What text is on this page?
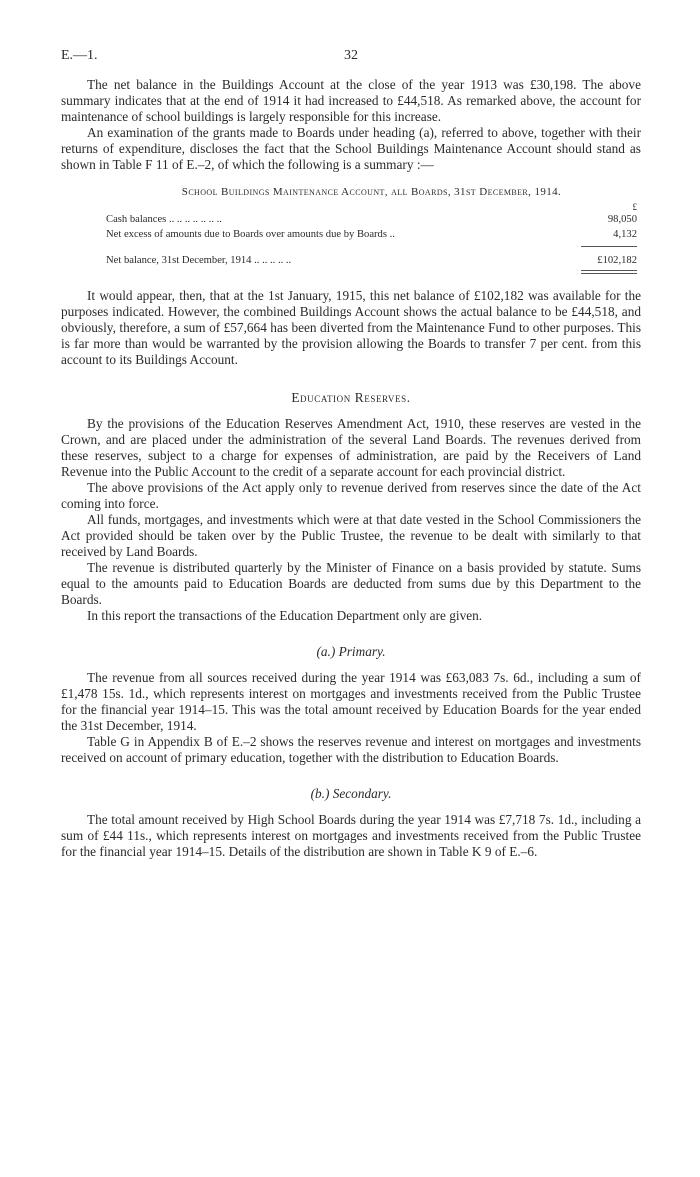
E.—1.	32

The net balance in the Buildings Account at the close of the year 1913 was £30,198. The above summary indicates that at the end of 1914 it had increased to £44,518. As remarked above, the account for maintenance of school buildings is largely responsible for this increase.

An examination of the grants made to Boards under heading (a), referred to above, together with their returns of expenditure, discloses the fact that the School Buildings Maintenance Account should stand as shown in Table F 11 of E.–2, of which the following is a summary :—

School Buildings Maintenance Account, all Boards, 31st December, 1914.
£
Cash balances .. .. .. .. .. .. ..	98,050
Net excess of amounts due to Boards over amounts due by Boards ..	4,132
Net balance, 31st December, 1914 .. .. .. .. ..	£102,182

It would appear, then, that at the 1st January, 1915, this net balance of £102,182 was available for the purposes indicated. However, the combined Buildings Account shows the actual balance to be £44,518, and obviously, therefore, a sum of £57,664 has been diverted from the Maintenance Fund to other purposes. This is far more than would be warranted by the provision allowing the Boards to transfer 7 per cent. from this account to its Buildings Account.

Education Reserves.

By the provisions of the Education Reserves Amendment Act, 1910, these reserves are vested in the Crown, and are placed under the administration of the several Land Boards. The revenues derived from these reserves, subject to a charge for expenses of administration, are paid by the Receivers of Land Revenue into the Public Account to the credit of a separate account for each provincial district.

The above provisions of the Act apply only to revenue derived from reserves since the date of the Act coming into force.

All funds, mortgages, and investments which were at that date vested in the School Commissioners the Act provided should be taken over by the Public Trustee, the revenue to be dealt with similarly to that received by Land Boards.

The revenue is distributed quarterly by the Minister of Finance on a basis provided by statute. Sums equal to the amounts paid to Education Boards are deducted from sums due by this Department to the Boards.

In this report the transactions of the Education Department only are given.

(a.) Primary.

The revenue from all sources received during the year 1914 was £63,083 7s. 6d., including a sum of £1,478 15s. 1d., which represents interest on mortgages and investments received from the Public Trustee for the financial year 1914–15. This was the total amount received by Education Boards for the year ended the 31st December, 1914.

Table G in Appendix B of E.–2 shows the reserves revenue and interest on mortgages and investments received on account of primary education, together with the distribution to Education Boards.

(b.) Secondary.

The total amount received by High School Boards during the year 1914 was £7,718 7s. 1d., including a sum of £44 11s., which represents interest on mortgages and investments received from the Public Trustee for the financial year 1914–15. Details of the distribution are shown in Table K 9 of E.–6.
